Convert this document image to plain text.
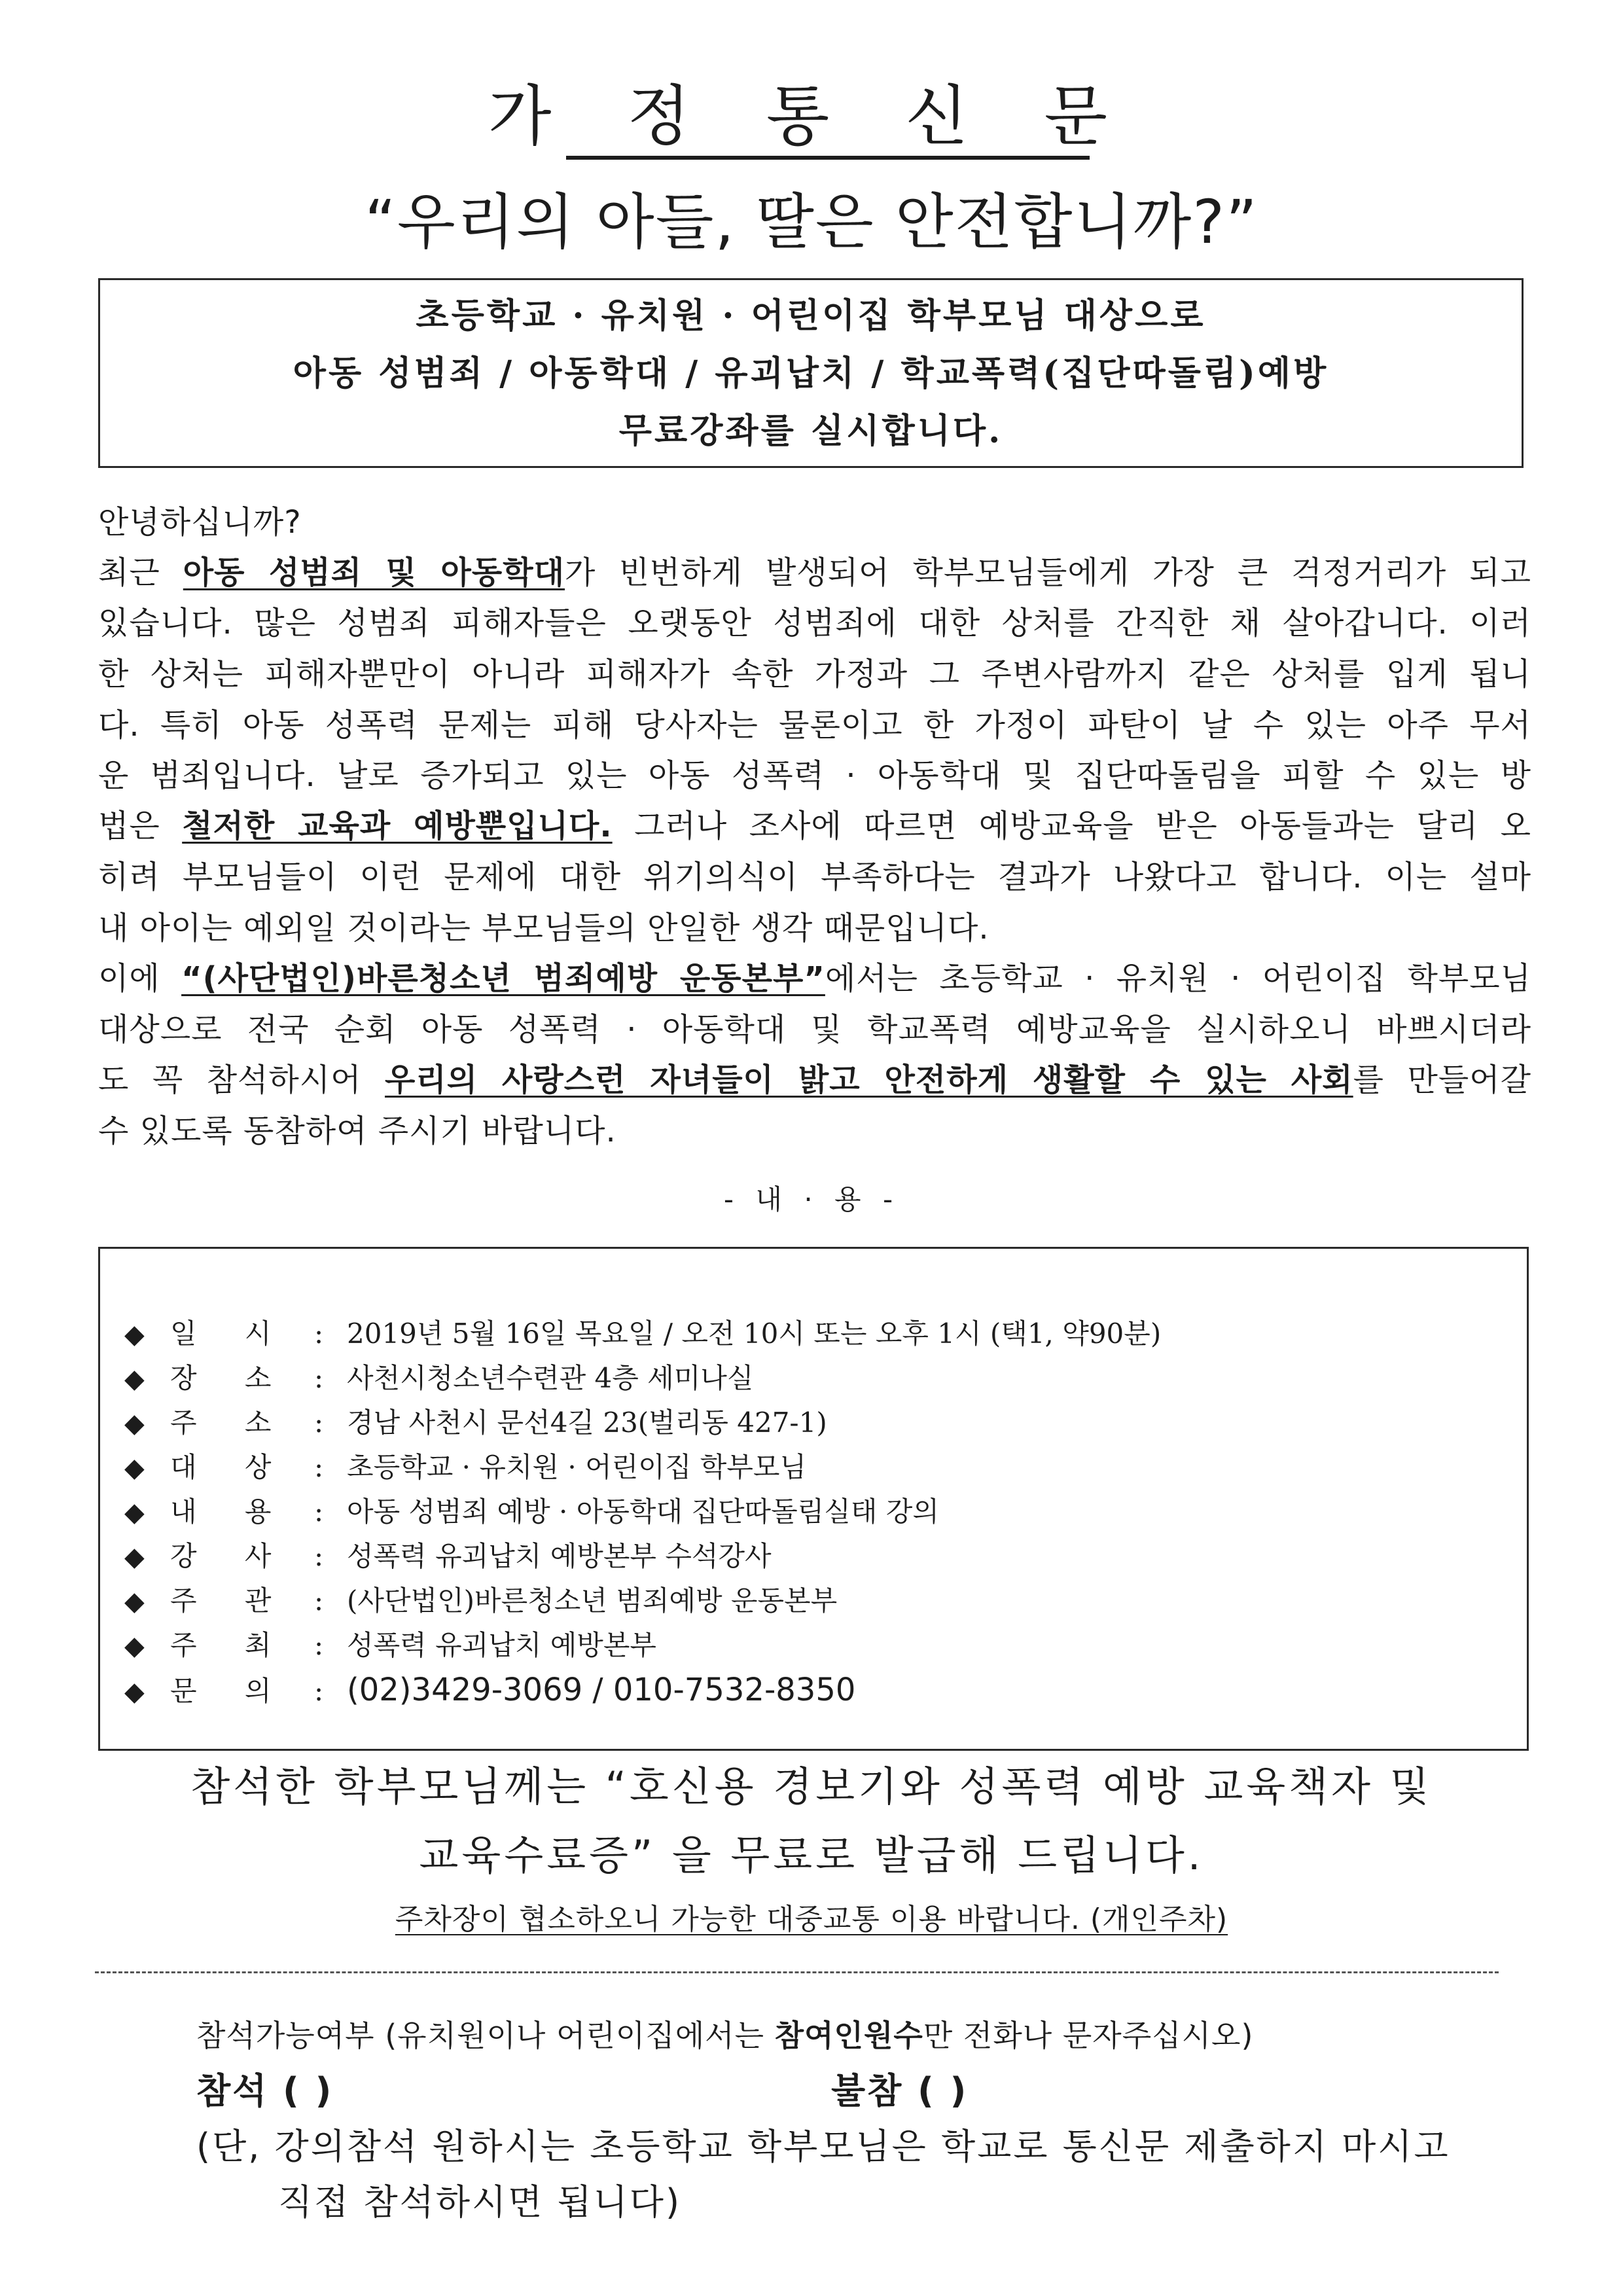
가 정 통 신 문
“우리의 아들, 딸은 안전합니까?”
초등학교 · 유치원 · 어린이집 학부모님 대상으로
아동 성범죄 / 아동학대 / 유괴납치 / 학교폭력(집단따돌림)예방
무료강좌를 실시합니다.
안녕하십니까?
최근 아동 성범죄 및 아동학대가 빈번하게 발생되어 학부모님들에게 가장 큰 걱정거리가 되고
있습니다. 많은 성범죄 피해자들은 오랫동안 성범죄에 대한 상처를 간직한 채 살아갑니다. 이러
한 상처는 피해자뿐만이 아니라 피해자가 속한 가정과 그 주변사람까지 같은 상처를 입게 됩니
다. 특히 아동 성폭력 문제는 피해 당사자는 물론이고 한 가정이 파탄이 날 수 있는 아주 무서
운 범죄입니다. 날로 증가되고 있는 아동 성폭력 · 아동학대 및 집단따돌림을 피할 수 있는 방
법은 철저한 교육과 예방뿐입니다. 그러나 조사에 따르면 예방교육을 받은 아동들과는 달리 오
히려 부모님들이 이런 문제에 대한 위기의식이 부족하다는 결과가 나왔다고 합니다. 이는 설마
내 아이는 예외일 것이라는 부모님들의 안일한 생각 때문입니다.
이에 “(사단법인)바른청소년 범죄예방 운동본부”에서는 초등학교 · 유치원 · 어린이집 학부모님
대상으로 전국 순회 아동 성폭력 · 아동학대 및 학교폭력 예방교육을 실시하오니 바쁘시더라
도 꼭 참석하시어 우리의 사랑스런 자녀들이 밝고 안전하게 생활할 수 있는 사회를 만들어갈
수 있도록 동참하여 주시기 바랍니다.
- 내 · 용 -
◆ 일 시 : 2019년 5월 16일 목요일 / 오전 10시 또는 오후 1시 (택1, 약90분)
◆ 장 소 : 사천시청소년수련관 4층 세미나실
◆ 주 소 : 경남 사천시 문선4길 23(벌리동 427-1)
◆ 대 상 : 초등학교 · 유치원 · 어린이집 학부모님
◆ 내 용 : 아동 성범죄 예방 · 아동학대 집단따돌림실태 강의
◆ 강 사 : 성폭력 유괴납치 예방본부 수석강사
◆ 주 관 : (사단법인)바른청소년 범죄예방 운동본부
◆ 주 최 : 성폭력 유괴납치 예방본부
◆ 문 의 : (02)3429-3069 / 010-7532-8350
참석한 학부모님께는 “호신용 경보기와 성폭력 예방 교육책자 및
교육수료증” 을 무료로 발급해 드립니다.
주차장이 협소하오니 가능한 대중교통 이용 바랍니다. (개인주차)
참석가능여부 (유치원이나 어린이집에서는 참여인원수만 전화나 문자주십시오)
참석 ( )	불참 ( )
(단, 강의참석 원하시는 초등학교 학부모님은 학교로 통신문 제출하지 마시고
직접 참석하시면 됩니다)
